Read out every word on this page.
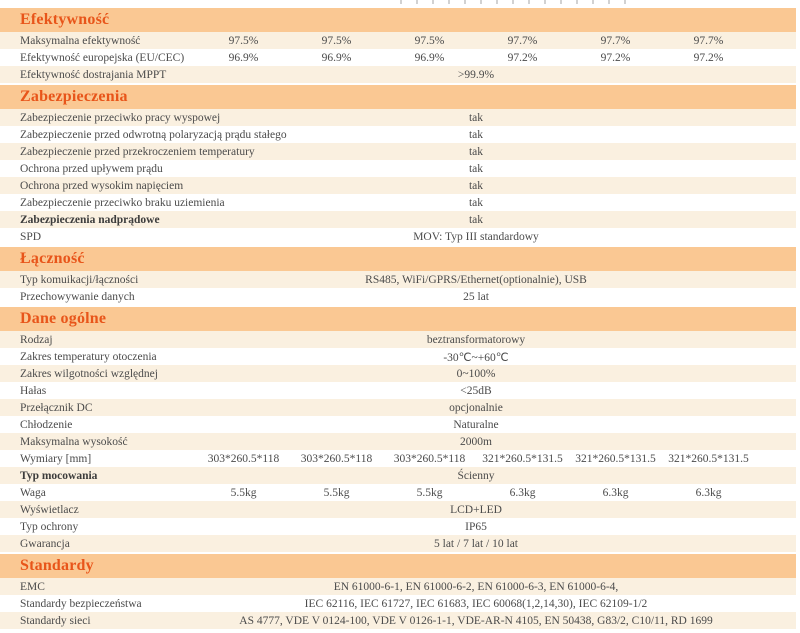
Efektywność
Maksymalna efektywność	97.5%	97.5%	97.5%	97.7%	97.7%	97.7%
Efektywność europejska (EU/CEC)	96.9%	96.9%	96.9%	97.2%	97.2%	97.2%
Efektywność dostrajania MPPT	>99.9%
Zabezpieczenia
Zabezpieczenie przeciwko pracy wyspowej	tak
Zabezpieczenie przed odwrotną polaryzacją prądu stałego	tak
Zabezpieczenie przed przekroczeniem temperatury	tak
Ochrona przed upływem prądu	tak
Ochrona przed wysokim napięciem	tak
Zabezpieczenie przeciwko braku uziemienia	tak
Zabezpieczenia nadprądowe	tak
SPD	MOV: Typ III standardowy
Łączność
Typ komuikacji/łączności	RS485, WiFi/GPRS/Ethernet(optionalnie), USB
Przechowywanie danych	25 lat
Dane ogólne
Rodzaj	beztransformatorowy
Zakres temperatury otoczenia	-30℃~+60℃
Zakres wilgotności względnej	0~100%
Hałas	<25dB
Przełącznik DC	opcjonalnie
Chłodzenie	Naturalne
Maksymalna wysokość	2000m
Wymiary [mm]	303*260.5*118	303*260.5*118	303*260.5*118	321*260.5*131.5	321*260.5*131.5	321*260.5*131.5
Typ mocowania	Ścienny
Waga	5.5kg	5.5kg	5.5kg	6.3kg	6.3kg	6.3kg
Wyświetlacz	LCD+LED
Typ ochrony	IP65
Gwarancja	5 lat / 7 lat / 10 lat
Standardy
EMC	EN 61000-6-1, EN 61000-6-2, EN 61000-6-3, EN 61000-6-4,
Standardy bezpieczeństwa	IEC 62116, IEC 61727, IEC 61683, IEC 60068(1,2,14,30), IEC 62109-1/2
Standardy sieci	AS 4777, VDE V 0124-100, VDE V 0126-1-1, VDE-AR-N 4105, EN 50438, G83/2, C10/11, RD 1699
